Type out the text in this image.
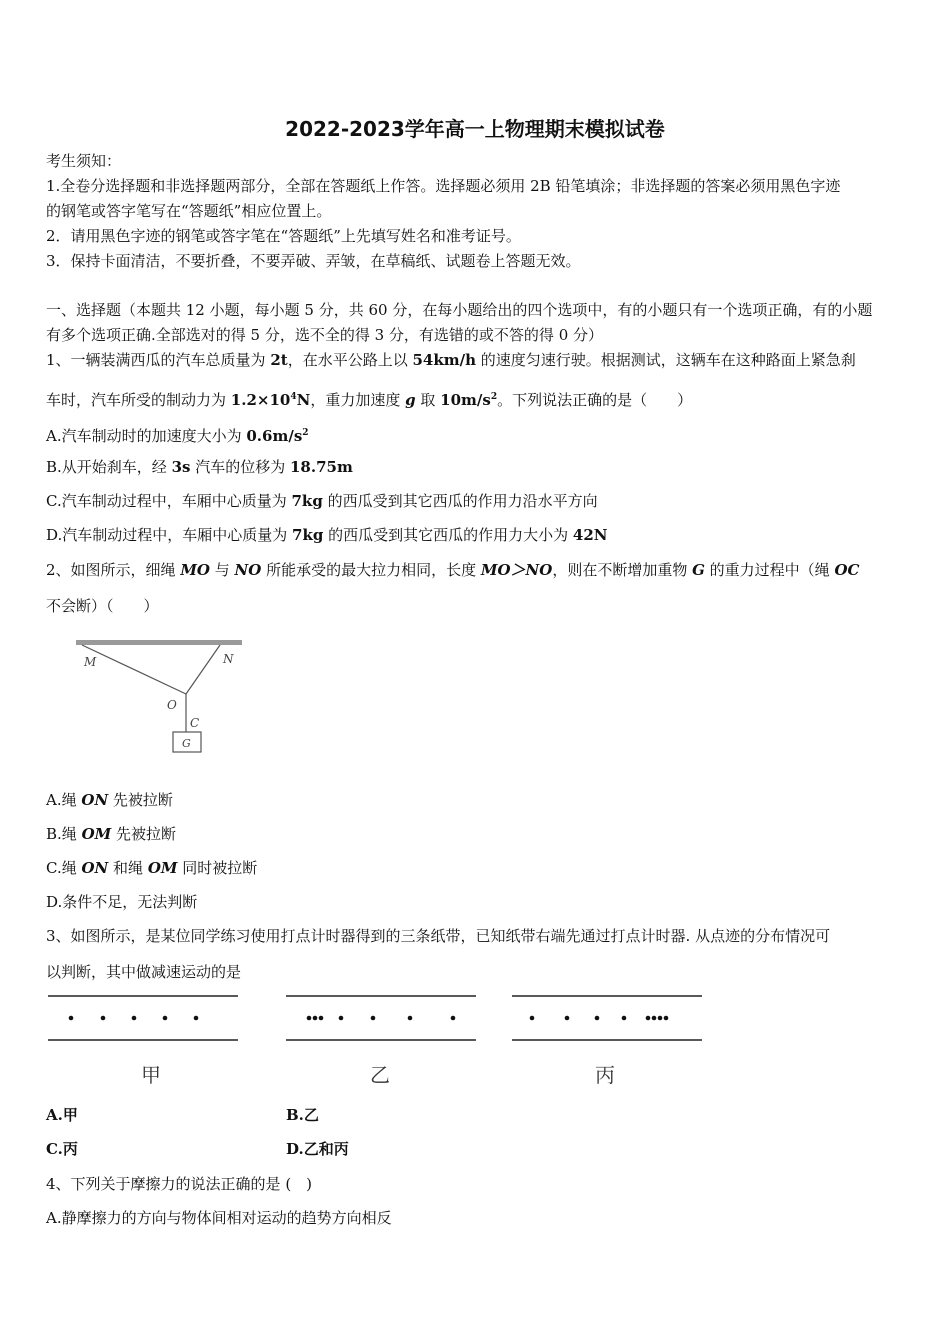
2022-2023学年高一上物理期末模拟试卷
考生须知：
1.全卷分选择题和非选择题两部分，全部在答题纸上作答。选择题必须用 2B 铅笔填涂；非选择题的答案必须用黑色字迹
的钢笔或答字笔写在“答题纸”相应位置上。
2．请用黑色字迹的钢笔或答字笔在“答题纸”上先填写姓名和准考证号。
3．保持卡面清洁，不要折叠，不要弄破、弄皱，在草稿纸、试题卷上答题无效。
一、选择题（本题共 12 小题，每小题 5 分，共 60 分，在每小题给出的四个选项中，有的小题只有一个选项正确，有的小题
有多个选项正确.全部选对的得 5 分，选不全的得 3 分，有选错的或不答的得 0 分）
1、一辆装满西瓜的汽车总质量为 2t，在水平公路上以 54km/h 的速度匀速行驶。根据测试，这辆车在这种路面上紧急刹
车时，汽车所受的制动力为 $1.2\times 10^4N$，重力加速度 g 取 $10m/s^2$。下列说法正确的是（　　）
A.汽车制动时的加速度大小为 $0.6m/s^2$
B.从开始刹车，经 3s 汽车的位移为 18.75m
C.汽车制动过程中，车厢中心质量为 7kg 的西瓜受到其它西瓜的作用力沿水平方向
D.汽车制动过程中，车厢中心质量为 7kg 的西瓜受到其它西瓜的作用力大小为 42N
2、如图所示，细绳 MO 与 NO 所能承受的最大拉力相同，长度 MO＞NO，则在不断增加重物 G 的重力过程中（绳 OC
不会断）（　　）
M	N
O
C
G
A.绳 ON 先被拉断
B.绳 OM 先被拉断
C.绳 ON 和绳 OM 同时被拉断
D.条件不足，无法判断
3、如图所示，是某位同学练习使用打点计时器得到的三条纸带，已知纸带右端先通过打点计时器. 从点迹的分布情况可
以判断，其中做减速运动的是
甲	乙	丙
A.甲	B.乙
C.丙	D.乙和丙
4、下列关于摩擦力的说法正确的是 (　)
A.静摩擦力的方向与物体间相对运动的趋势方向相反
